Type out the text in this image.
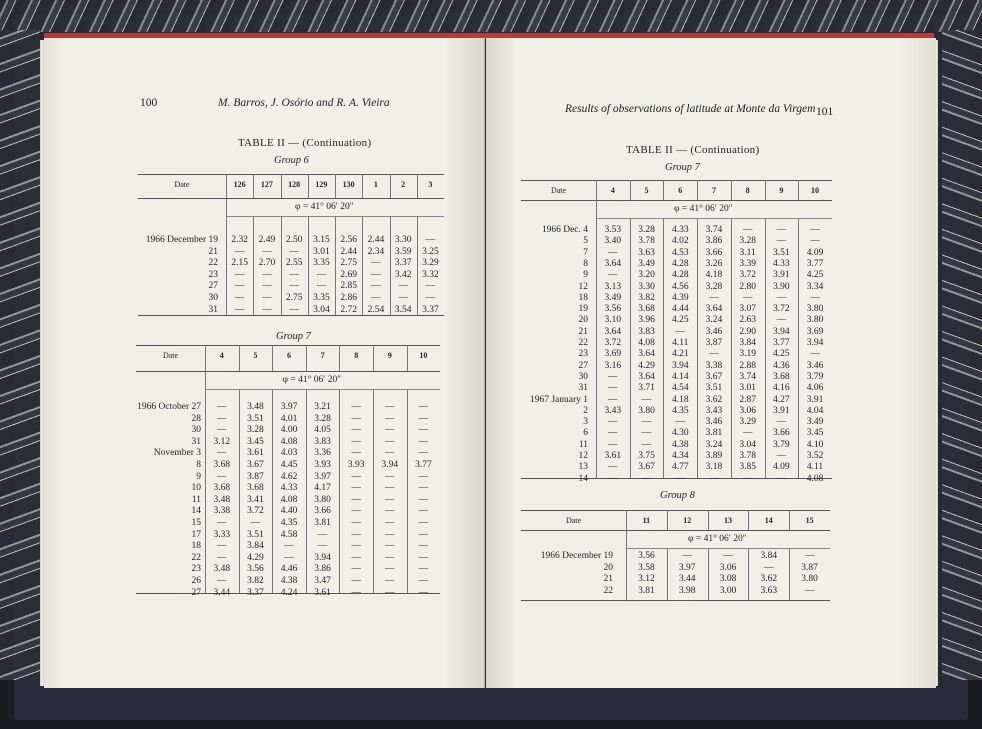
100	M. Barros, J. Osório and R. A. Vieira
TABLE II — (Continuation)
Group 6
Date	126	127	128	129	130	1	2	3
φ = 41° 06′ 20″
1966 December 19	2.32	2.49	2.50	3.15	2.56	2.44	3.30	—
21	—	—	—	3.01	2.44	2.34	3.59	3.25
22	2.15	2.70	2.55	3.35	2.75	—	3.37	3.29
23	—	—	—	—	2.69	—	3.42	3.32
27	—	—	—	—	2.85	—	—	—
30	—	—	2.75	3.35	2.86	—	—	—
31	—	—	—	3.04	2.72	2.54	3.54	3.37
Group 7
Date	4	5	6	7	8	9	10
φ = 41° 06′ 20″
1966 October 27	—	3.48	3.97	3.21	—	—	—
28	—	3.51	4.01	3.28	—	—	—
30	—	3.28	4.00	4.05	—	—	—
31	3.12	3.45	4.08	3.83	—	—	—
November 3	—	3.61	4.03	3.36	—	—	—
8	3.68	3.67	4.45	3.93	3.93	3.94	3.77
9	—	3.87	4.62	3.97	—	—	—
10	3.68	3.68	4.33	4.17	—	—	—
11	3.48	3.41	4.08	3.80	—	—	—
14	3.38	3.72	4.40	3.66	—	—	—
15	—	—	4.35	3.81	—	—	—
17	3.33	3.51	4.58	—	—	—	—
18	—	3.84	—	—	—	—	—
22	—	4.29	—	3.94	—	—	—
23	3.48	3.56	4.46	3.86	—	—	—
26	—	3.82	4.38	3.47	—	—	—
27	3.44	3.37	4.24	3.61	—	—	—
Results of observations of latitude at Monte da Virgem 101
TABLE II — (Continuation)
Group 7
Date	4	5	6	7	8	9	10
φ = 41° 06′ 20″
1966 Dec. 4	3.53	3.28	4.33	3.74	—	—	—
5	3.40	3.78	4.02	3.86	3.28	—	—
7	—	3.63	4.53	3.66	3.11	3.51	4.09
8	3.64	3.49	4.28	3.26	3.39	4.33	3.77
9	—	3.20	4.28	4.18	3.72	3.91	4.25
12	3.13	3.30	4.56	3.28	2.80	3.90	3.34
18	3.49	3.82	4.39	—	—	—	—
19	3.56	3.68	4.44	3.64	3.07	3.72	3.80
20	3.10	3.96	4.25	3.24	2.63	—	3.80
21	3.64	3.83	—	3.46	2.90	3.94	3.69
22	3.72	4.08	4.11	3.87	3.84	3.77	3.94
23	3.69	3.64	4.21	—	3.19	4.25	—
27	3.16	4.29	3.94	3.38	2.88	4.36	3.46
30	—	3.64	4.14	3.67	3.74	3.68	3.79
31	—	3.71	4.54	3.51	3.01	4.16	4.06
1967 January 1	—	—	4.18	3.62	2.87	4.27	3.91
2	3.43	3.80	4.35	3.43	3.06	3.91	4.04
3	—	—	—	3.46	3.29	—	3.49
6	—	—	4.30	3.81	—	3.66	3.45
11	—	—	4.38	3.24	3.04	3.79	4.10
12	3.61	3.75	4.34	3.89	3.78	—	3.52
13	—	3.67	4.77	3.18	3.85	4.09	4.11
14	—	—	—	—	—	—	4.08
Group 8
Date	11	12	13	14	15
φ = 41° 06′ 20″
1966 December 19	3.56	—	—	3.84	—
20	3.58	3.97	3.06	—	3.87
21	3.12	3.44	3.08	3.62	3.80
22	3.81	3.98	3.00	3.63	—
